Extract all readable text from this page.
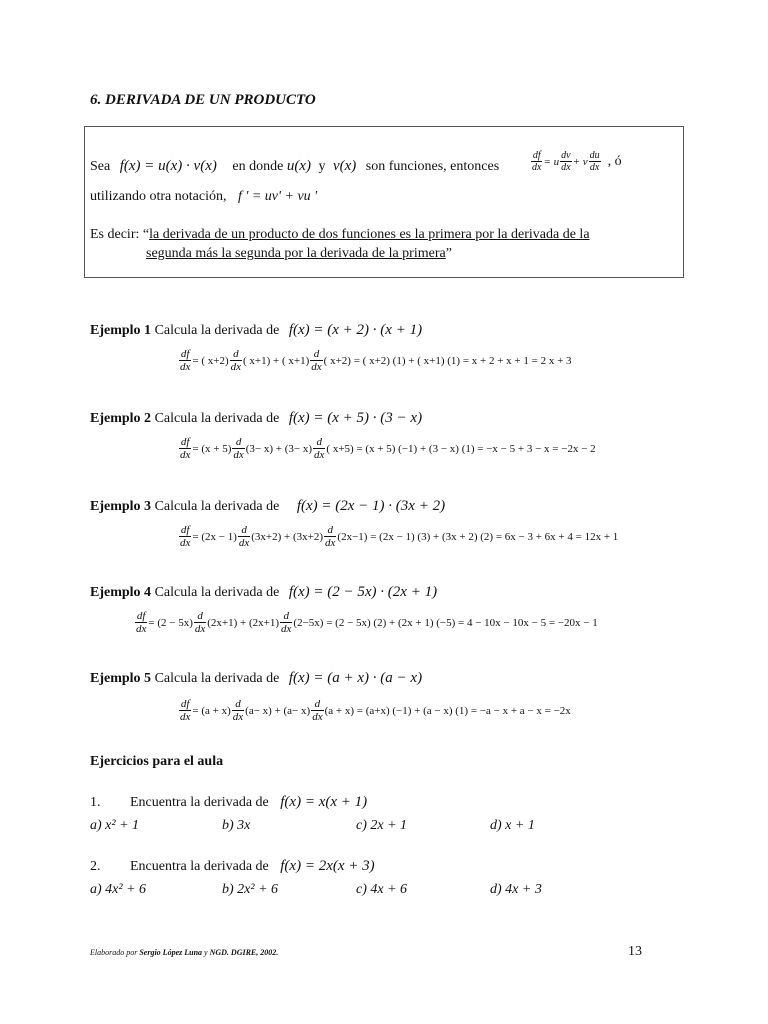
6. DERIVADA DE UN PRODUCTO
Sea f(x) = u(x) · v(x) en donde u(x) y v(x) son funciones, entonces	$\frac{df}{dx} = u \frac{dv}{dx} + v \frac{du}{dx}$ , ó
utilizando otra notación, f ' = uv' + vu '
Es decir: “la derivada de un producto de dos funciones es la primera por la derivada de la
segunda más la segunda por la derivada de la primera”
Ejemplo 1 Calcula la derivada de f(x) = (x + 2) · (x + 1)
$\frac{df}{dx}$ = ( $x+2) \frac{d}{dx}$ ( x+1) + ( $x+1) \frac{d}{dx}$ ( x+2) = ( x+2) (1) + ( x+1) (1) = x + 2 + x + 1 = 2 x + 3
Ejemplo 2 Calcula la derivada de f(x) = (x + 5) · (3 − x)
$\frac{df}{dx} = (x + 5) \frac{d}{dx} (3- x) + (3- x) \frac{d}{dx}$ ( x+5) = (x + 5) (−1) + (3 − x) (1) = −x − 5 + 3 − x = −2x − 2
Ejemplo 3 Calcula la derivada de f(x) = (2x − 1) · (3x + 2)
$\frac{df}{dx} = (2x - 1) \frac{d}{dx} (3x+2) + (3x+2) \frac{d}{dx} (2x-1) = (2x - 1) (3) + (3x + 2) (2) = 6x - 3 + 6x + 4 = 12x + 1$
Ejemplo 4 Calcula la derivada de f(x) = (2 − 5x) · (2x + 1)
$\frac{df}{dx} = (2 - 5x) \frac{d}{dx} (2x+1) + (2x+1) \frac{d}{dx} (2-5x) = (2 - 5x) (2) + (2x + 1) (-5) = 4 - 10x - 10x - 5 = -20x - 1$
Ejemplo 5 Calcula la derivada de f(x) = (a + x) · (a − x)
$\frac{df}{dx} = (a + x) \frac{d}{dx} (a- x) + (a- x) \frac{d}{dx} (a + x) = (a+x) (-1) + (a - x) (1) = -a - x + a - x = -2x$
Ejercicios para el aula
1. Encuentra la derivada de f(x) = x(x + 1)
a) x² + 1	b) 3x	c) 2x + 1	d) x + 1
2. Encuentra la derivada de f(x) = 2x(x + 3)
a) 4x² + 6	b) 2x² + 6	c) 4x + 6	d) 4x + 3
Elaborado por Sergio López Luna y NGD. DGIRE, 2002.	13
